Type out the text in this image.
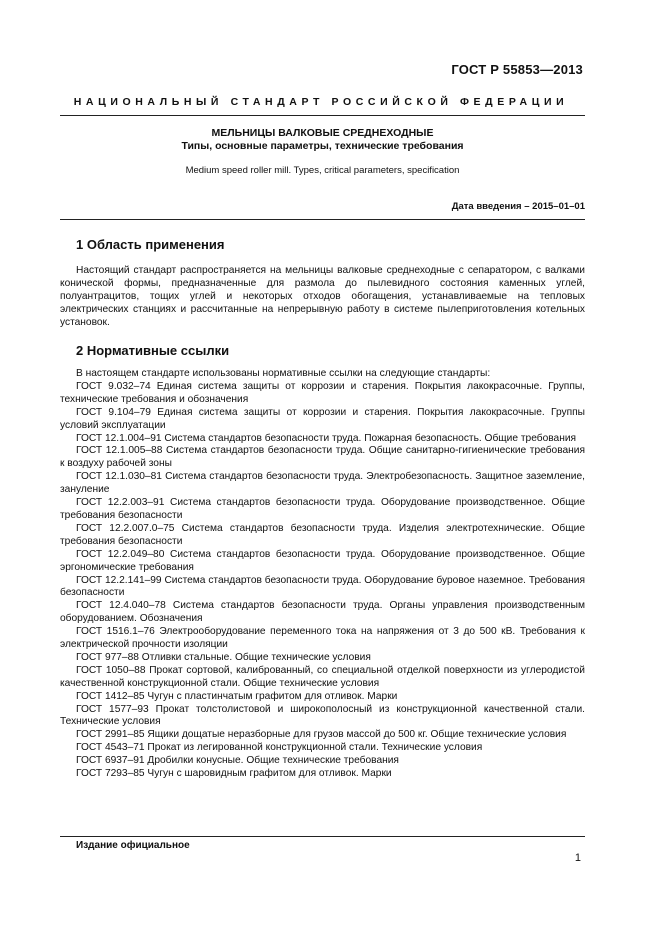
ГОСТ Р 55853—2013
НАЦИОНАЛЬНЫЙ СТАНДАРТ РОССИЙСКОЙ ФЕДЕРАЦИИ
МЕЛЬНИЦЫ ВАЛКОВЫЕ СРЕДНЕХОДНЫЕ
Типы, основные параметры, технические требования
Medium speed roller mill. Types, critical parameters, specification
Дата введения – 2015–01–01
1 Область применения
Настоящий стандарт распространяется на мельницы валковые среднеходные с сепаратором, с валками конической формы, предназначенные для размола до пылевидного состояния каменных углей, полуантрацитов, тощих углей и некоторых отходов обогащения, устанавливаемые на тепловых электрических станциях и рассчитанные на непрерывную работу в системе пылеприготовления котельных установок.
2 Нормативные ссылки
В настоящем стандарте использованы нормативные ссылки на следующие стандарты:
ГОСТ 9.032–74 Единая система защиты от коррозии и старения. Покрытия лакокрасочные. Группы, технические требования и обозначения
ГОСТ 9.104–79 Единая система защиты от коррозии и старения. Покрытия лакокрасочные. Группы условий эксплуатации
ГОСТ 12.1.004–91 Система стандартов безопасности труда. Пожарная безопасность. Общие требования
ГОСТ 12.1.005–88 Система стандартов безопасности труда. Общие санитарно-гигиенические требования к воздуху рабочей зоны
ГОСТ 12.1.030–81 Система стандартов безопасности труда. Электробезопасность. Защитное заземление, зануление
ГОСТ 12.2.003–91 Система стандартов безопасности труда. Оборудование производственное. Общие требования безопасности
ГОСТ 12.2.007.0–75 Система стандартов безопасности труда. Изделия электротехнические. Общие требования безопасности
ГОСТ 12.2.049–80 Система стандартов безопасности труда. Оборудование производственное. Общие эргономические требования
ГОСТ 12.2.141–99 Система стандартов безопасности труда. Оборудование буровое наземное. Требования безопасности
ГОСТ 12.4.040–78 Система стандартов безопасности труда. Органы управления производственным оборудованием. Обозначения
ГОСТ 1516.1–76 Электрооборудование переменного тока на напряжения от 3 до 500 кВ. Требования к электрической прочности изоляции
ГОСТ 977–88 Отливки стальные. Общие технические условия
ГОСТ 1050–88 Прокат сортовой, калиброванный, со специальной отделкой поверхности из углеродистой качественной конструкционной стали. Общие технические условия
ГОСТ 1412–85 Чугун с пластинчатым графитом для отливок. Марки
ГОСТ 1577–93 Прокат толстолистовой и широкополосный из конструкционной качественной стали. Технические условия
ГОСТ 2991–85 Ящики дощатые неразборные для грузов массой до 500 кг. Общие технические условия
ГОСТ 4543–71 Прокат из легированной конструкционной стали. Технические условия
ГОСТ 6937–91 Дробилки конусные. Общие технические требования
ГОСТ 7293–85 Чугун с шаровидным графитом для отливок. Марки
Издание официальное
1
